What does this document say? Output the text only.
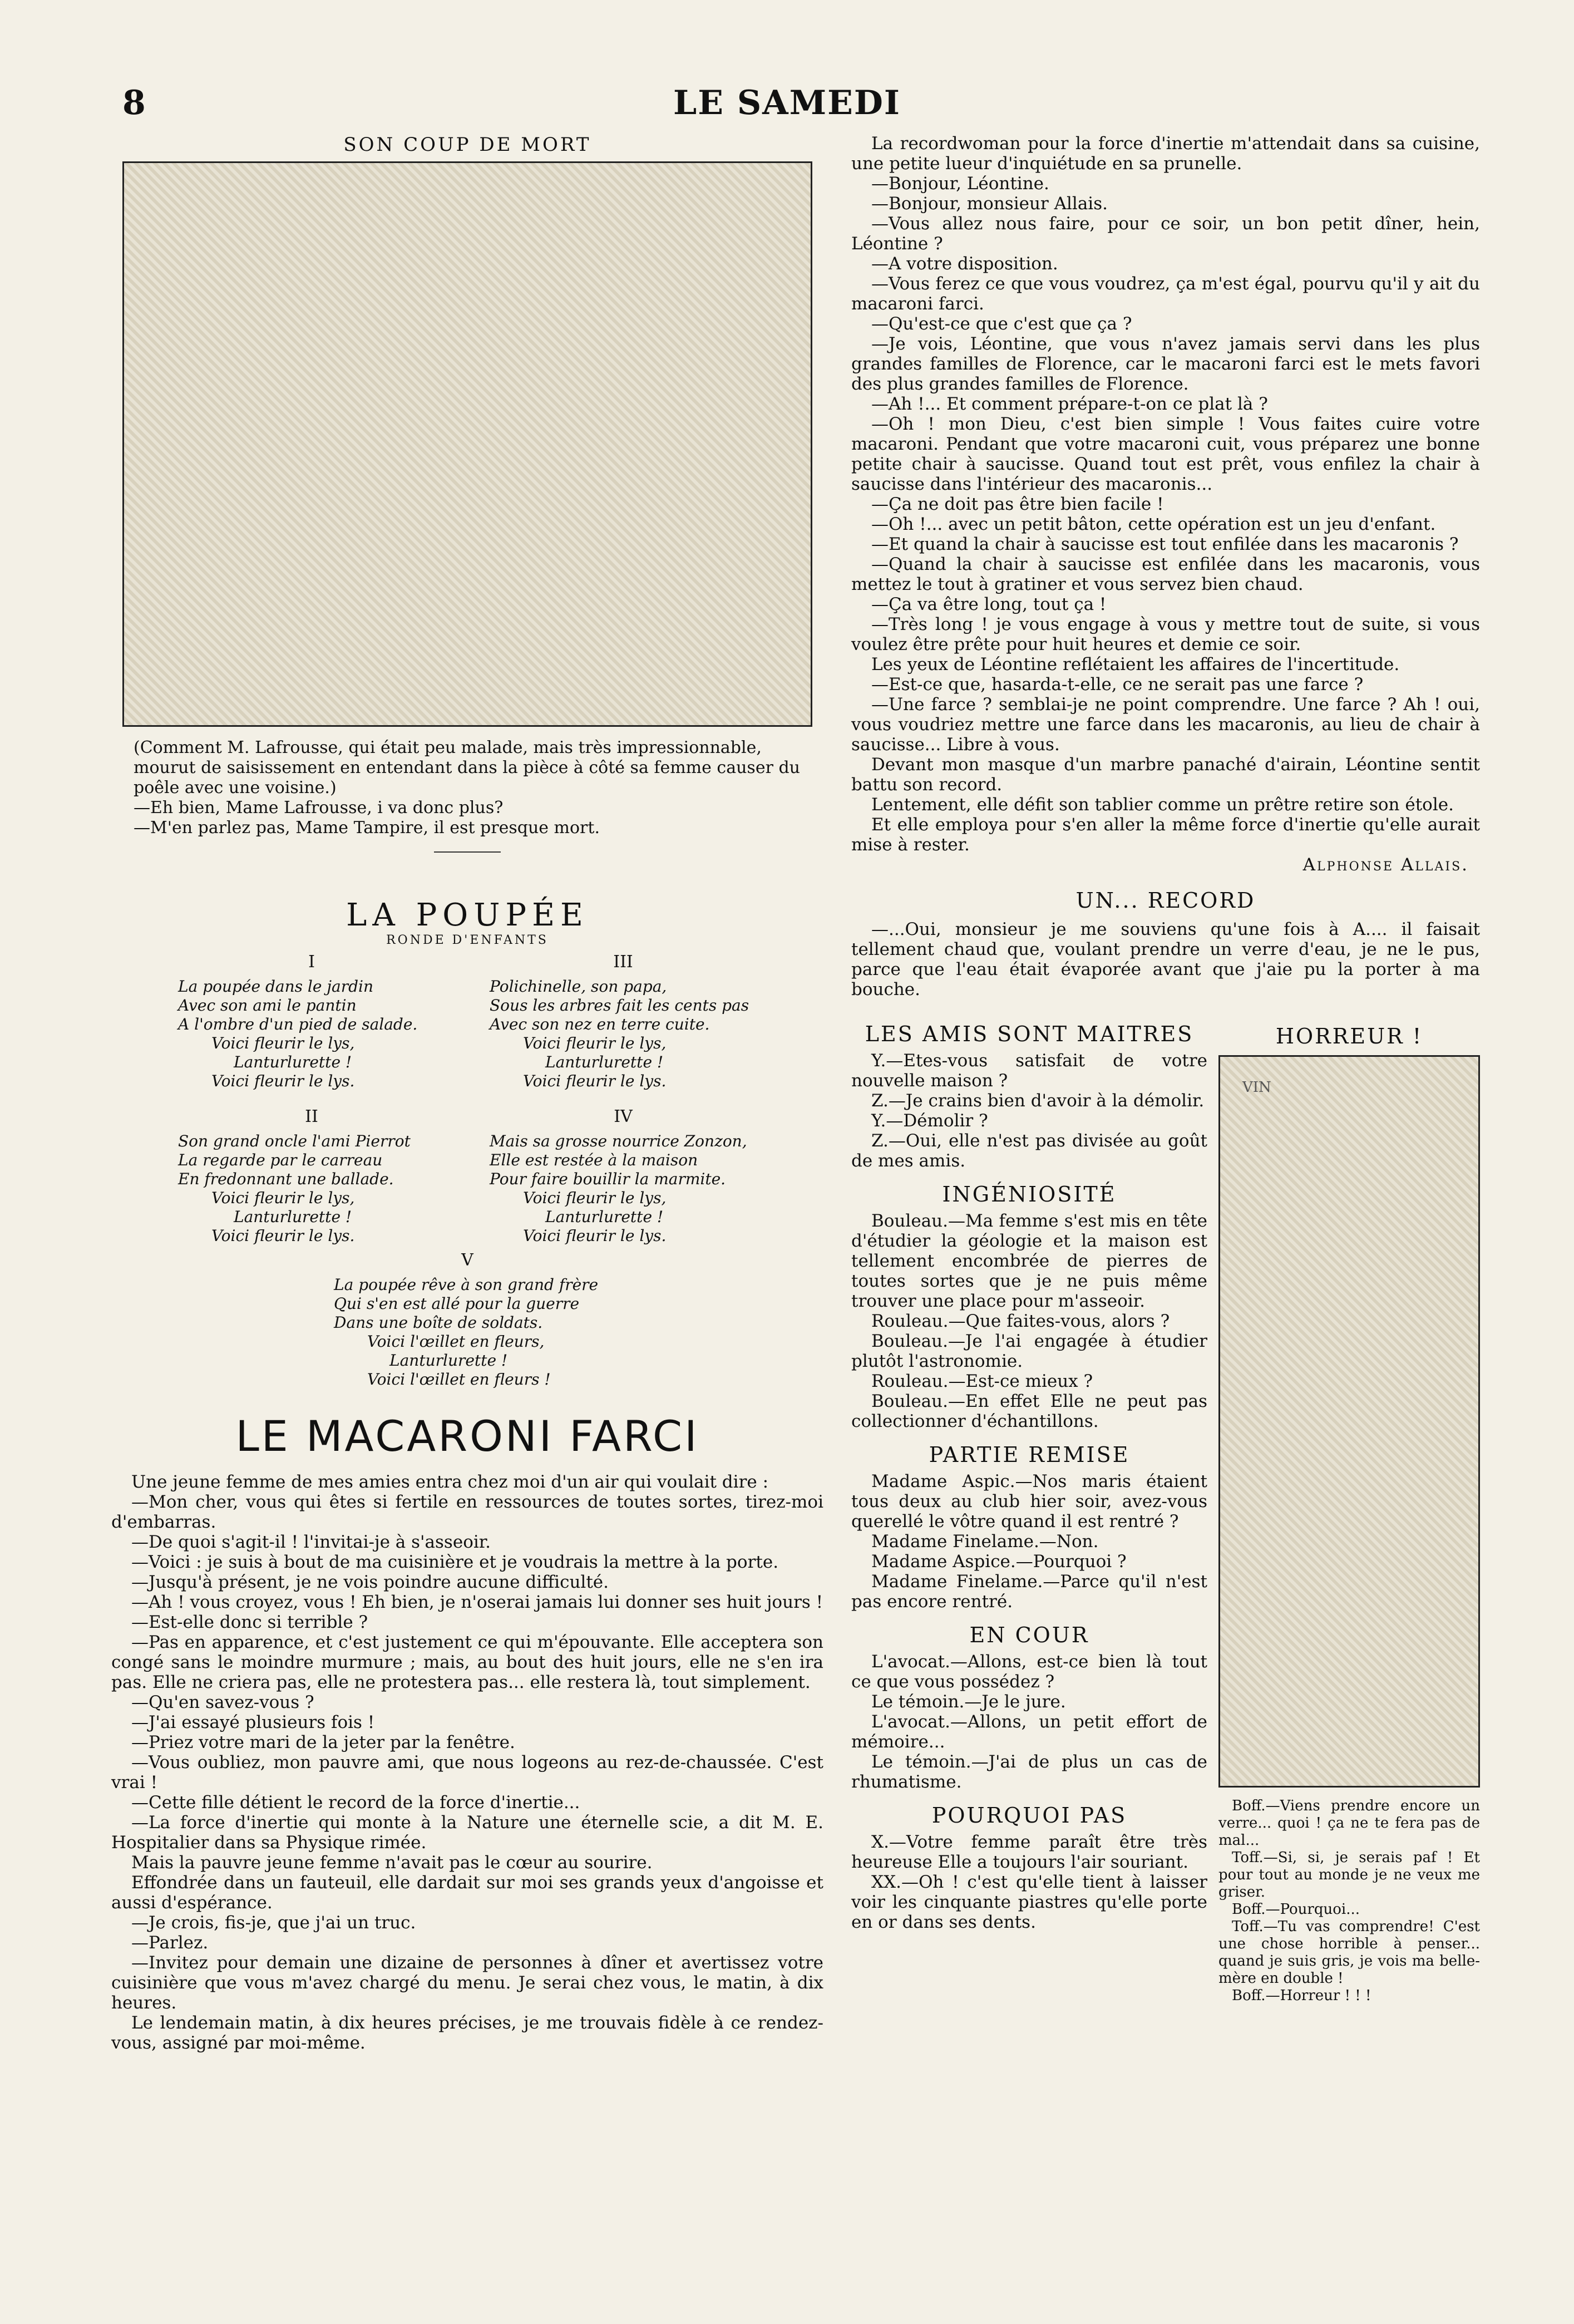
8	LE SAMEDI
SON COUP DE MORT

(Comment M. Lafrousse, qui était peu malade, mais très impressionnable, mourut de saisissement en entendant dans la pièce à côté sa femme causer du poêle avec une voisine.)

—Eh bien, Mame Lafrousse, i va donc plus?

—M'en parlez pas, Mame Tampire, il est presque mort.

LA POUPÉE
RONDE D'ENFANTS
I
La poupée dans le jardin
Avec son ami le pantin
A l'ombre d'un pied de salade.
Voici fleurir le lys,
Lanturlurette !
Voici fleurir le lys.
III
Polichinelle, son papa,
Sous les arbres fait les cents pas
Avec son nez en terre cuite.
Voici fleurir le lys,
Lanturlurette !
Voici fleurir le lys.
II
Son grand oncle l'ami Pierrot
La regarde par le carreau
En fredonnant une ballade.
Voici fleurir le lys,
Lanturlurette !
Voici fleurir le lys.
IV
Mais sa grosse nourrice Zonzon,
Elle est restée à la maison
Pour faire bouillir la marmite.
Voici fleurir le lys,
Lanturlurette !
Voici fleurir le lys.
V
La poupée rêve à son grand frère
Qui s'en est allé pour la guerre
Dans une boîte de soldats.
Voici l'œillet en fleurs,
Lanturlurette !
Voici l'œillet en fleurs !
LE MACARONI FARCI

Une jeune femme de mes amies entra chez moi d'un air qui voulait dire :

—Mon cher, vous qui êtes si fertile en ressources de toutes sortes, tirez-moi d'embarras.

—De quoi s'agit-il ! l'invitai-je à s'asseoir.

—Voici : je suis à bout de ma cuisinière et je voudrais la mettre à la porte.

—Jusqu'à présent, je ne vois poindre aucune difficulté.

—Ah ! vous croyez, vous ! Eh bien, je n'oserai jamais lui donner ses huit jours !

—Est-elle donc si terrible ?

—Pas en apparence, et c'est justement ce qui m'épouvante. Elle acceptera son congé sans le moindre murmure ; mais, au bout des huit jours, elle ne s'en ira pas. Elle ne criera pas, elle ne protestera pas... elle restera là, tout simplement.

—Qu'en savez-vous ?

—J'ai essayé plusieurs fois !

—Priez votre mari de la jeter par la fenêtre.

—Vous oubliez, mon pauvre ami, que nous logeons au rez-de-chaussée. C'est vrai !

—Cette fille détient le record de la force d'inertie...

—La force d'inertie qui monte à la Nature une éternelle scie, a dit M. E. Hospitalier dans sa Physique rimée.

Mais la pauvre jeune femme n'avait pas le cœur au sourire.

Effondrée dans un fauteuil, elle dardait sur moi ses grands yeux d'angoisse et aussi d'espérance.

—Je crois, fis-je, que j'ai un truc.

—Parlez.

—Invitez pour demain une dizaine de personnes à dîner et avertissez votre cuisinière que vous m'avez chargé du menu. Je serai chez vous, le matin, à dix heures.

Le lendemain matin, à dix heures précises, je me trouvais fidèle à ce rendez-vous, assigné par moi-même.

La recordwoman pour la force d'inertie m'attendait dans sa cuisine, une petite lueur d'inquiétude en sa prunelle.

—Bonjour, Léontine.

—Bonjour, monsieur Allais.

—Vous allez nous faire, pour ce soir, un bon petit dîner, hein, Léontine ?

—A votre disposition.

—Vous ferez ce que vous voudrez, ça m'est égal, pourvu qu'il y ait du macaroni farci.

—Qu'est-ce que c'est que ça ?

—Je vois, Léontine, que vous n'avez jamais servi dans les plus grandes familles de Florence, car le macaroni farci est le mets favori des plus grandes familles de Florence.

—Ah !... Et comment prépare-t-on ce plat là ?

—Oh ! mon Dieu, c'est bien simple ! Vous faites cuire votre macaroni. Pendant que votre macaroni cuit, vous préparez une bonne petite chair à saucisse. Quand tout est prêt, vous enfilez la chair à saucisse dans l'intérieur des macaronis...

—Ça ne doit pas être bien facile !

—Oh !... avec un petit bâton, cette opération est un jeu d'enfant.

—Et quand la chair à saucisse est tout enfilée dans les macaronis ?

—Quand la chair à saucisse est enfilée dans les macaronis, vous mettez le tout à gratiner et vous servez bien chaud.

—Ça va être long, tout ça !

—Très long ! je vous engage à vous y mettre tout de suite, si vous voulez être prête pour huit heures et demie ce soir.

Les yeux de Léontine reflétaient les affaires de l'incertitude.

—Est-ce que, hasarda-t-elle, ce ne serait pas une farce ?

—Une farce ? semblai-je ne point comprendre. Une farce ? Ah ! oui, vous voudriez mettre une farce dans les macaronis, au lieu de chair à saucisse... Libre à vous.

Devant mon masque d'un marbre panaché d'airain, Léontine sentit battu son record.

Lentement, elle défit son tablier comme un prêtre retire son étole.

Et elle employa pour s'en aller la même force d'inertie qu'elle aurait mise à rester.

Alphonse Allais.
UN... RECORD

—...Oui, monsieur je me souviens qu'une fois à A.... il faisait tellement chaud que, voulant prendre un verre d'eau, je ne le pus, parce que l'eau était évaporée avant que j'aie pu la porter à ma bouche.

LES AMIS SONT MAITRES

Y.—Etes-vous satisfait de votre nouvelle maison ?

Z.—Je crains bien d'avoir à la démolir.

Y.—Démolir ?

Z.—Oui, elle n'est pas divisée au goût de mes amis.

INGÉNIOSITÉ

Bouleau.—Ma femme s'est mis en tête d'étudier la géologie et la maison est tellement encombrée de pierres de toutes sortes que je ne puis même trouver une place pour m'asseoir.

Rouleau.—Que faites-vous, alors ?

Bouleau.—Je l'ai engagée à étudier plutôt l'astronomie.

Rouleau.—Est-ce mieux ?

Bouleau.—En effet Elle ne peut pas collectionner d'échantillons.

PARTIE REMISE

Madame Aspic.—Nos maris étaient tous deux au club hier soir, avez-vous querellé le vôtre quand il est rentré ?

Madame Finelame.—Non.

Madame Aspice.—Pourquoi ?

Madame Finelame.—Parce qu'il n'est pas encore rentré.

EN COUR

L'avocat.—Allons, est-ce bien là tout ce que vous possédez ?

Le témoin.—Je le jure.

L'avocat.—Allons, un petit effort de mémoire...

Le témoin.—J'ai de plus un cas de rhumatisme.

POURQUOI PAS

X.—Votre femme paraît être très heureuse Elle a toujours l'air souriant.

XX.—Oh ! c'est qu'elle tient à laisser voir les cinquante piastres qu'elle porte en or dans ses dents.

HORREUR !
VIN

Boff.—Viens prendre encore un verre... quoi ! ça ne te fera pas de mal...

Toff.—Si, si, je serais paf ! Et pour tout au monde je ne veux me griser.

Boff.—Pourquoi...

Toff.—Tu vas comprendre! C'est une chose horrible à penser... quand je suis gris, je vois ma belle-mère en double !

Boff.—Horreur ! ! !
